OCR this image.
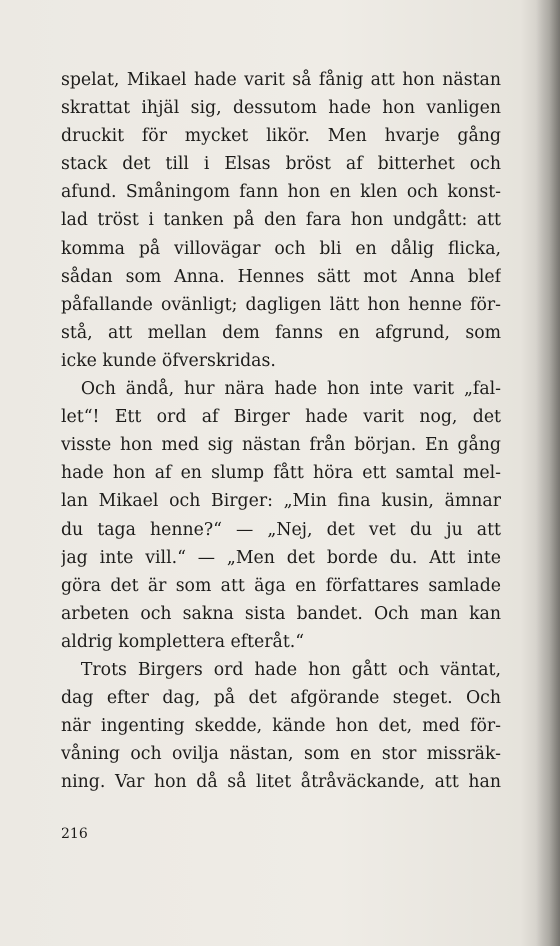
spelat, Mikael hade varit så fånig att hon nästan
skrattat ihjäl sig, dessutom hade hon vanligen
druckit för mycket likör. Men hvarje gång
stack det till i Elsas bröst af bitterhet och
afund. Småningom fann hon en klen och konst-
lad tröst i tanken på den fara hon undgått: att
komma på villovägar och bli en dålig flicka,
sådan som Anna. Hennes sätt mot Anna blef
påfallande ovänligt; dagligen lätt hon henne för-
stå, att mellan dem fanns en afgrund, som
icke kunde öfverskridas.
Och ändå, hur nära hade hon inte varit „fal-
let“! Ett ord af Birger hade varit nog, det
visste hon med sig nästan från början. En gång
hade hon af en slump fått höra ett samtal mel-
lan Mikael och Birger: „Min fina kusin, ämnar
du taga henne?“ — „Nej, det vet du ju att
jag inte vill.“ — „Men det borde du. Att inte
göra det är som att äga en författares samlade
arbeten och sakna sista bandet. Och man kan
aldrig komplettera efteråt.“
Trots Birgers ord hade hon gått och väntat,
dag efter dag, på det afgörande steget. Och
när ingenting skedde, kände hon det, med för-
våning och ovilja nästan, som en stor missräk-
ning. Var hon då så litet åtråväckande, att han
216
